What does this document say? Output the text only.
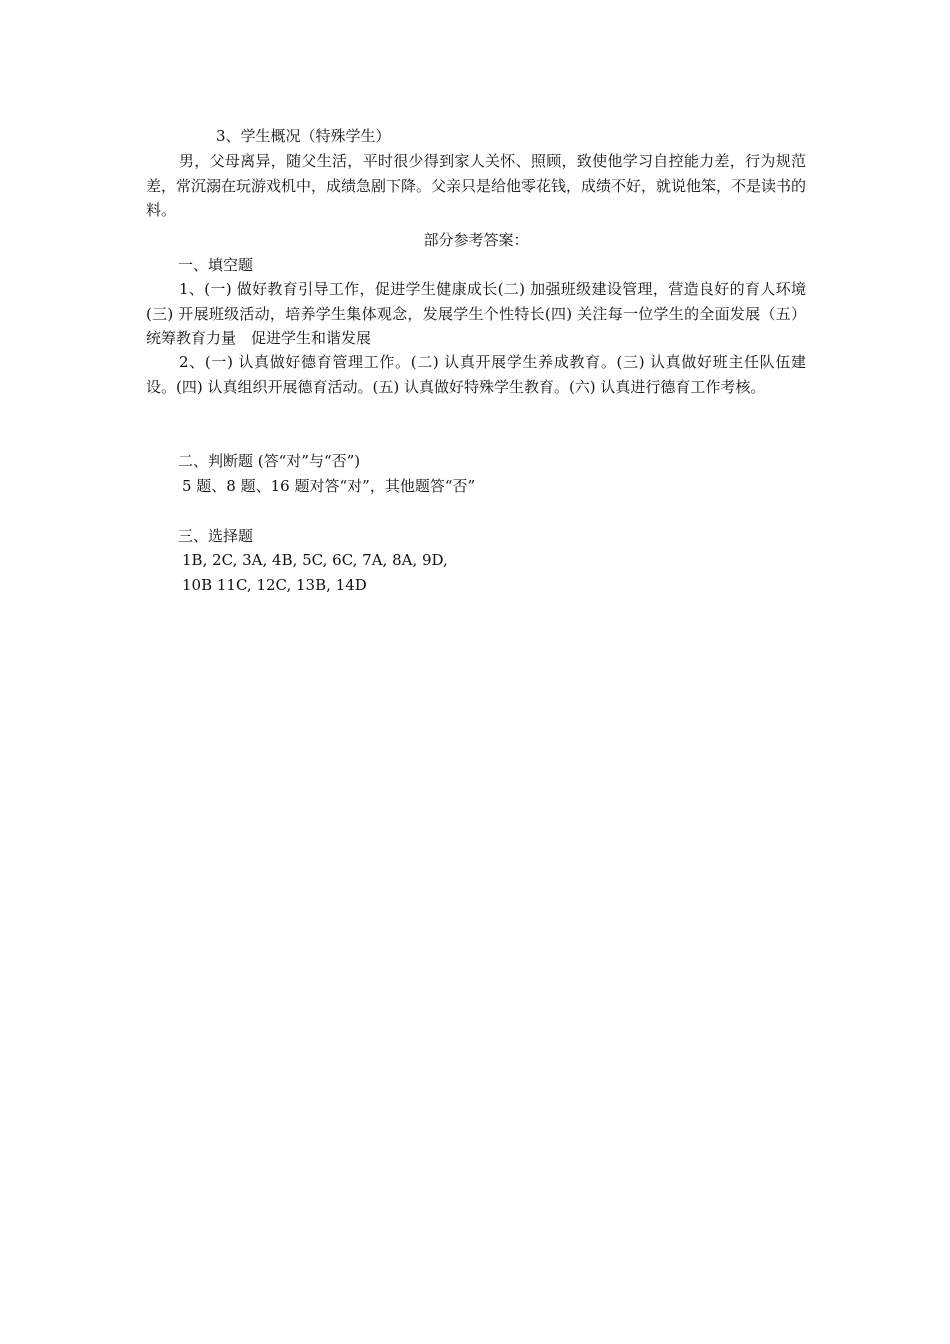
3、学生概况（特殊学生）
男，父母离异，随父生活，平时很少得到家人关怀、照顾，致使他学习自控能力差，行为规范差，常沉溺在玩游戏机中，成绩急剧下降。父亲只是给他零花钱，成绩不好，就说他笨，不是读书的料。
部分参考答案：
一、填空题
1、(一) 做好教育引导工作，促进学生健康成长(二) 加强班级建设管理，营造良好的育人环境(三) 开展班级活动，培养学生集体观念，发展学生个性特长(四) 关注每一位学生的全面发展（五）统筹教育力量　促进学生和谐发展
2、(一) 认真做好德育管理工作。(二) 认真开展学生养成教育。(三) 认真做好班主任队伍建设。(四) 认真组织开展德育活动。(五) 认真做好特殊学生教育。(六) 认真进行德育工作考核。
二、判断题 (答“对”与“否”)
5 题、8 题、16 题对答“对”，其他题答“否”
三、选择题
1B, 2C, 3A, 4B, 5C, 6C, 7A, 8A, 9D,
10B 11C, 12C, 13B, 14D
